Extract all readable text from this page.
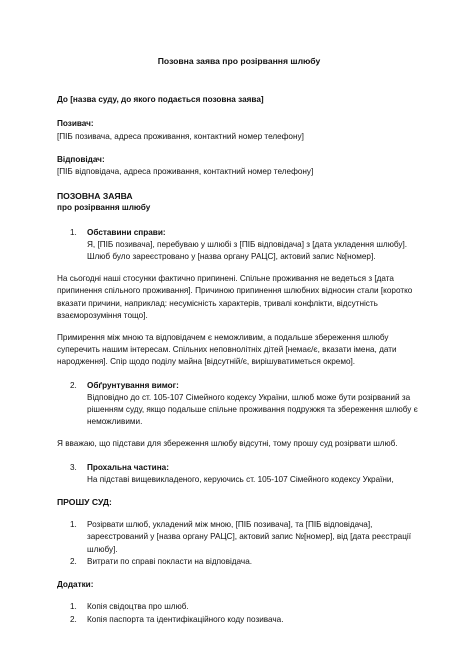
Позовна заява про розірвання шлюбу

До [назва суду, до якого подається позовна заява]

Позивач:

[ПІБ позивача, адреса проживання, контактний номер телефону]

Відповідач:

[ПІБ відповідача, адреса проживання, контактний номер телефону]

ПОЗОВНА ЗАЯВА

про розірвання шлюбу

1.	Обставини справи:

Я, [ПІБ позивача], перебуваю у шлюбі з [ПІБ відповідача] з [дата укладення шлюбу]. Шлюб було зареєстровано у [назва органу РАЦС], актовий запис №[номер].

На сьогодні наші стосунки фактично припинені. Спільне проживання не ведеться з [дата припинення спільного проживання]. Причиною припинення шлюбних відносин стали [коротко вказати причини, наприклад: несумісність характерів, тривалі конфлікти, відсутність взаєморозуміння тощо].

Примирення між мною та відповідачем є неможливим, а подальше збереження шлюбу суперечить нашим інтересам. Спільних неповнолітніх дітей [немає/є, вказати імена, дати народження]. Спір щодо поділу майна [відсутній/є, вирішуватиметься окремо].

2.	Обґрунтування вимог:

Відповідно до ст. 105-107 Сімейного кодексу України, шлюб може бути розірваний за рішенням суду, якщо подальше спільне проживання подружжя та збереження шлюбу є неможливими.

Я вважаю, що підстави для збереження шлюбу відсутні, тому прошу суд розірвати шлюб.

3.	Прохальна частина:

На підставі вищевикладеного, керуючись ст. 105-107 Сімейного кодексу України,

ПРОШУ СУД:

1.	Розірвати шлюб, укладений між мною, [ПІБ позивача], та [ПІБ відповідача], зареєстрований у [назва органу РАЦС], актовий запис №[номер], від [дата реєстрації шлюбу].
2.	Витрати по справі покласти на відповідача.

Додатки:

1.	Копія свідоцтва про шлюб.
2.	Копія паспорта та ідентифікаційного коду позивача.
